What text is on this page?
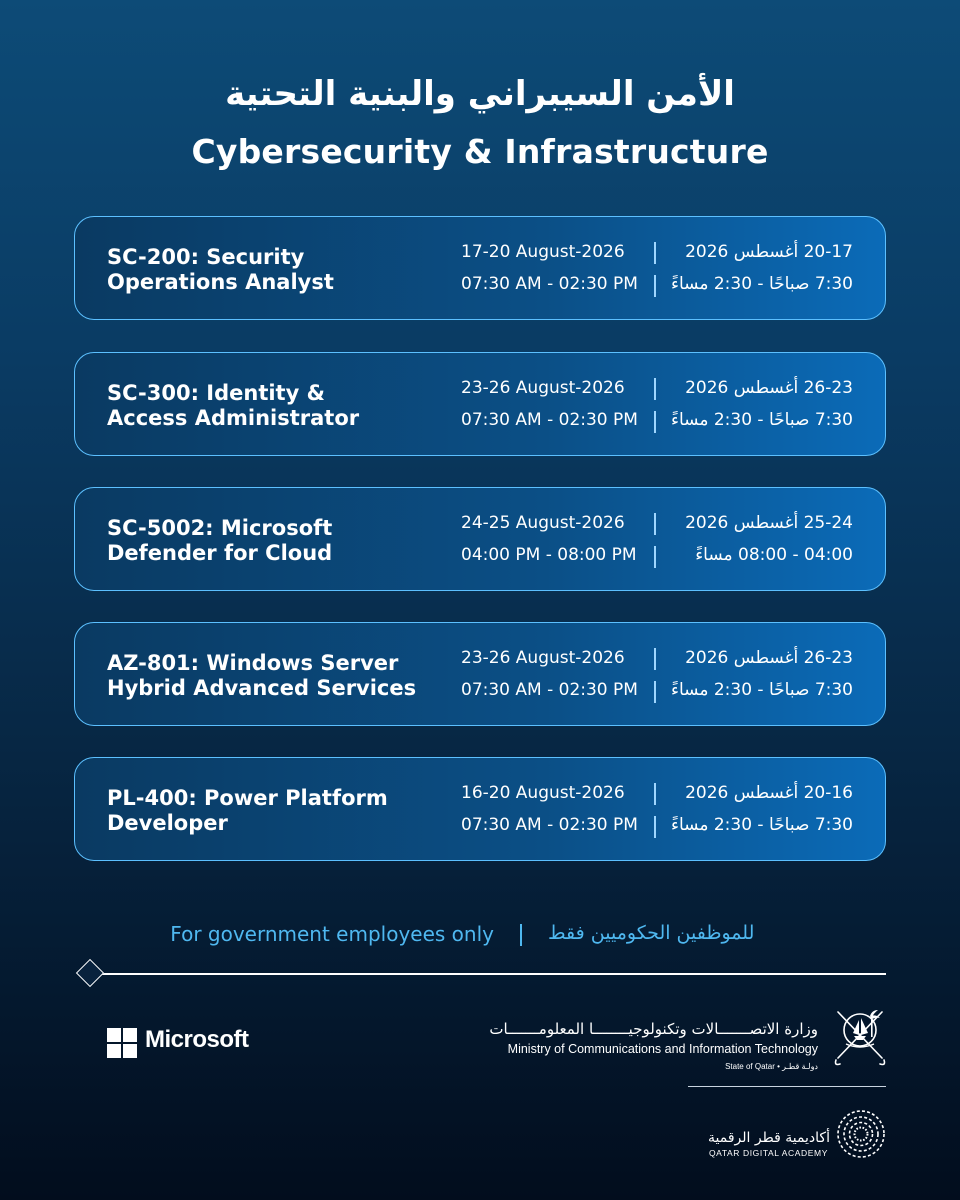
الأمن السيبراني والبنية التحتية
Cybersecurity & Infrastructure
SC-200: Security
Operations Analyst
17-20 August-2026
07:30 AM - 02:30 PM
20-17 أغسطس 2026
7:30 صباحًا - 2:30 مساءً
SC-300: Identity &
Access Administrator
23-26 August-2026
07:30 AM - 02:30 PM
26-23 أغسطس 2026
7:30 صباحًا - 2:30 مساءً
SC-5002: Microsoft
Defender for Cloud
24-25 August-2026
04:00 PM - 08:00 PM
25-24 أغسطس 2026
04:00 - 08:00 مساءً
AZ-801: Windows Server
Hybrid Advanced Services
23-26 August-2026
07:30 AM - 02:30 PM
26-23 أغسطس 2026
7:30 صباحًا - 2:30 مساءً
PL-400: Power Platform
Developer
16-20 August-2026
07:30 AM - 02:30 PM
20-16 أغسطس 2026
7:30 صباحًا - 2:30 مساءً
For government employees only	للموظفين الحكوميين فقط
Microsoft	وزارة الاتصـــــــالات وتكنولوجيــــــــا المعلومـــــــات
Ministry of Communications and Information Technology
State of Qatar • دولـة قطـر
أكاديمية قطر الرقمية
QATAR DIGITAL ACADEMY
